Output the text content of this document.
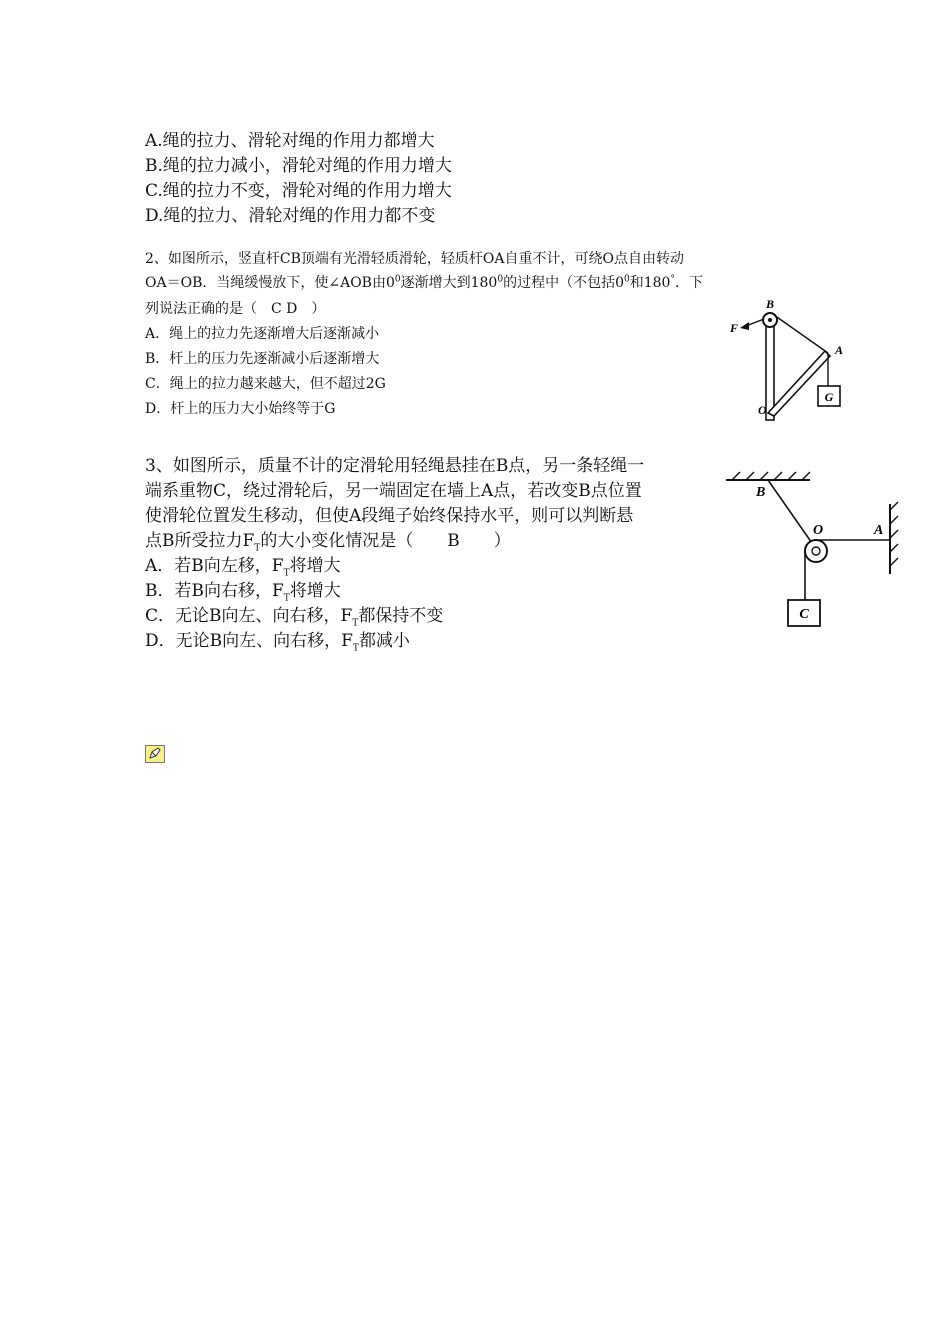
A.绳的拉力、滑轮对绳的作用力都增大
B.绳的拉力减小，滑轮对绳的作用力增大
C.绳的拉力不变，滑轮对绳的作用力增大
D.绳的拉力、滑轮对绳的作用力都不变
2、如图所示，竖直杆CB顶端有光滑轻质滑轮，轻质杆OA自重不计，可绕O点自由转动
OA＝OB．当绳缓慢放下，使∠AOB由$0^0$逐渐增大到$180^0$的过程中（不包括$0^0$和180°．下
列说法正确的是（　C D　）
A．绳上的拉力先逐渐增大后逐渐减小
B．杆上的压力先逐渐减小后逐渐增大
C．绳上的拉力越来越大，但不超过2G
D．杆上的压力大小始终等于G
G
B
F
A
O
3、如图所示，质量不计的定滑轮用轻绳悬挂在B点，另一条轻绳一
端系重物C，绕过滑轮后，另一端固定在墙上A点，若改变B点位置
使滑轮位置发生移动，但使A段绳子始终保持水平，则可以判断悬
点B所受拉力$F_T$的大小变化情况是（　　B　　）
A．若B向左移，$F_T$将增大
B．若B向右移，$F_T$将增大
C．无论B向左、向右移，$F_T$都保持不变
D．无论B向左、向右移，$F_T$都减小
C
B
O	A
